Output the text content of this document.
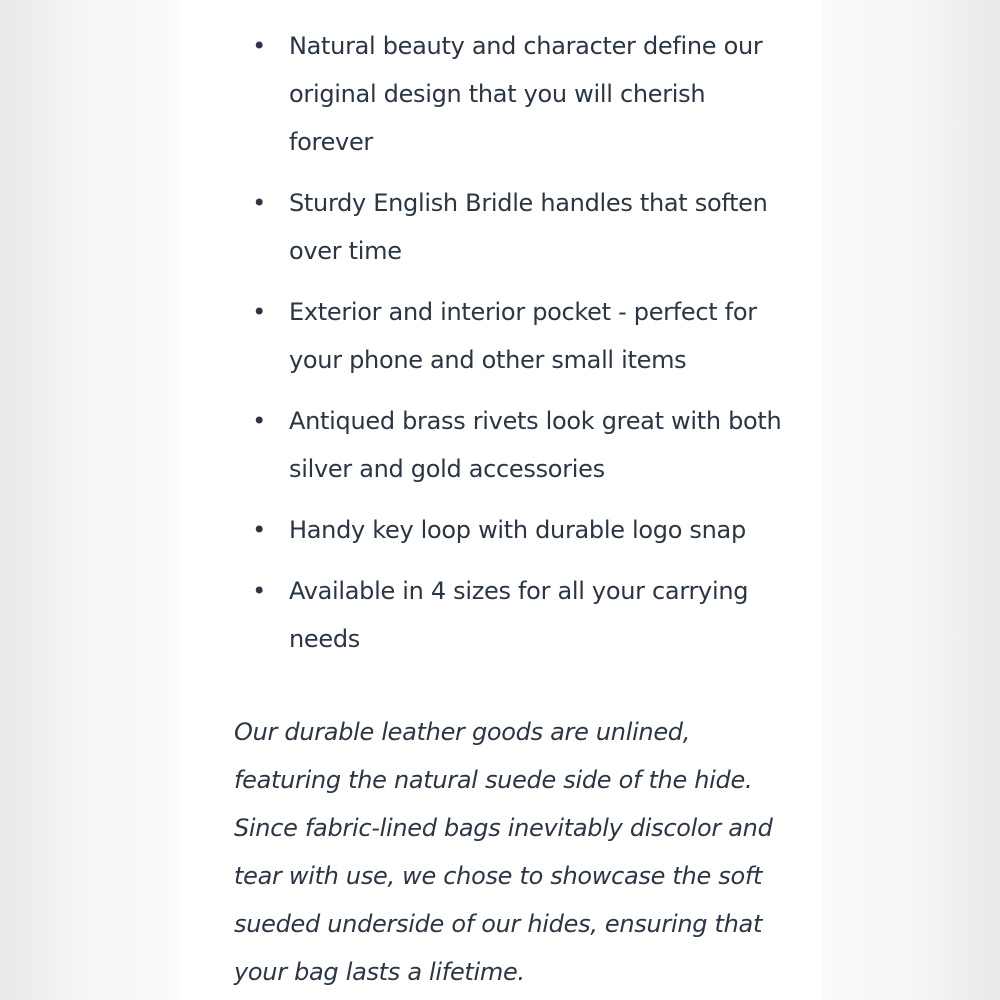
• Natural beauty and character define our original design that you will cherish forever
• Sturdy English Bridle handles that soften over time
• Exterior and interior pocket - perfect for your phone and other small items
• Antiqued brass rivets look great with both silver and gold accessories
• Handy key loop with durable logo snap
• Available in 4 sizes for all your carrying needs

Our durable leather goods are unlined, featuring the natural suede side of the hide. Since fabric-lined bags inevitably discolor and tear with use, we chose to showcase the soft sueded underside of our hides, ensuring that your bag lasts a lifetime.
